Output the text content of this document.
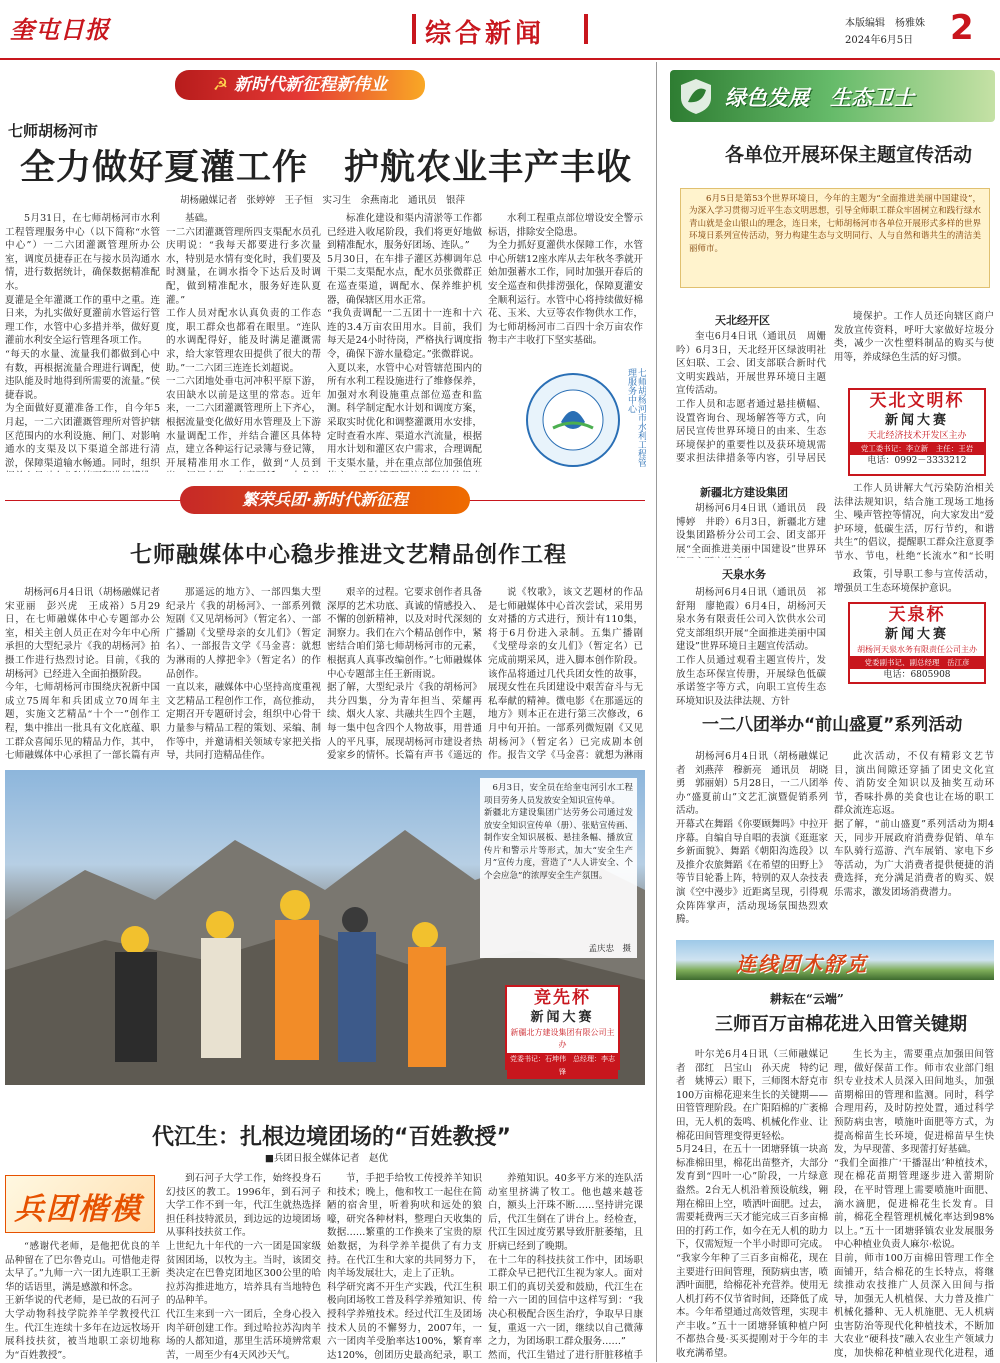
奎屯日报	综合新闻	本版编辑　杨雅姝
2024年6月5日 2
☭ 新时代新征程新伟业
七师胡杨河市
全力做好夏灌工作　护航农业丰产丰收
胡杨融媒记者　张婷婷　王子恒　实习生　余燕南北　通讯员　银萍

5月31日，在七师胡杨河市水利工程管理服务中心（以下简称“水管中心”）一二六团灌溉管理所办公室，调度员捷春正在与接水员沟通水情，进行数据统计，确保数据精准配水。
夏灌是全年灌溉工作的重中之重。连日来，为扎实做好夏灌前水管运行管理工作，水管中心多措并举，做好夏灌前水利安全运行管理各项工作。
“每天的水量、流量我们都做到心中有数，再根据流量合理进行调配，使违队能及时地得到所需要的流量。”侯捷春说。
为全面做好夏灌准备工作，自今年5月起，一二六团灌溉管理所对管护辖区范围内的水利设施、闸门、对影响通水的支渠及以下渠道全部进行清淤，保障渠道输水畅通。同时，组织

基础。
一二六团灌溉管理所四支渠配水员孔庆明说：“我每天都要进行多次量水，特别是水情有变化时，我们要及时测量，在调水指令下达后及时调配，做到精准配水，服务好连队夏灌。”
工作人员对配水认真负责的工作态度，职工群众也都看在眼里。“连队的水调配得好，能及时满足灌溉需求，给大家管理农田提供了很大的帮助。”一二六团三连连长刘超说。
一二六团地处垂屯河冲积平原下游，农田缺水以前是这里的常态。近年来，一二六团灌溉管理所上下齐心，根据流量变化做好用水管理及上下游水量调配工作，并结合灌区具体特点，建立各种运行记录簿与登记簿，开展精准用水工作，做到“人员到

标准化建设和渠内清淤等工作都已经进入收尾阶段，我们将更好地做到精准配水，服务好团场、连队。”
5月30日，在车排子灌区苏柳调年总干渠二支渠配水点，配水员张微群正在巡查渠道，调配水、保养维护机器，确保辖区用水正常。
“我负责调配一二五团十一连和十六连的3.4万亩农田用水。目前，我们每天是24小时待岗，严格执行调度指令，确保下游水量稳定。”张微群说。
入夏以来，水管中心对管辖范围内的所有水利工程设施进行了维修保养，加强对水利设施重点部位巡查和监测。科学制定配水计划和调度方案，采取实时优化和调整灌溉用水安排，定时查看水库、渠道水汽流量，根据用水计划和灌区农户需求，合理调配干支渠水量，并在重点部位加强值班

水利工程重点部位增设安全警示标语，排除安全隐患。
为全力抓好夏灌供水保障工作，水管中心所辖12座水库从去年秋冬季就开始加强蓄水工作，同时加强开春后的安全巡查和供排涝强化，保障夏灌安全顺利运行。水管中心将持续做好棉花、玉米、大豆等农作物供水工作，为七师胡杨河市二百四十余万亩农作物丰产丰收打下坚实基础。

七师胡杨河市水利工程管理服务中心
繁荣兵团·新时代新征程
七师融媒体中心稳步推进文艺精品创作工程

胡杨河6月4日讯（胡杨融媒记者　宋亚丽　彭兴虎　王成裕）5月29日，在七师融媒体中心专题部办公室，相关主创人员正在对今年中心所承担的大型纪录片《我的胡杨河》拍摄工作进行热烈讨论。目前，《我的胡杨河》已经进入全面拍摄阶段。
今年，七师胡杨河市围绕庆祝新中国成立75周年和兵团成立70周年主题，实施文艺精品“十个一”创作工程，集中推出一批具有文化底蕴、职工群众喜闻乐见的精品力作，其中，七师融媒体中心承担了一部长篇有声

那遥远的地方》、一部四集大型纪录片《我的胡杨河》、一部系列微短剧《又见胡杨河》（暂定名）、一部广播剧《戈壁母亲的女儿们》（暂定名）、一部报告文学《马金喜：就想为淋雨的人撑把伞》（暂定名）的作品创作。
一直以来，融媒体中心坚持高度重视文艺精品工程创作工作，高位推动，定期召开专题研讨会，组织中心骨干力量参与精品工程的策划、采编、制作等中，并邀请相关领域专家把关指导，共同打造精品佳作。

艰辛的过程。它要求创作者具备深厚的艺术功底、真诚的情感投入、不懈的创新精神，以及对时代深刻的洞察力。我们在六个精品创作中，紧密结合咱们第七师胡杨河市的元素，根据真人真事改编创作。”七师融媒体中心专题部主任王新雨说。
据了解，大型纪录片《我的胡杨河》共分四集，分为青年担当、荣耀再续、烟火人家、共融共生四个主题，每一集中包含四个人物故事，用普通人的平凡事，展现胡杨河市建设者热爱家乡的情怀。长篇有声书《遥远的

说《牧歌》，该文艺题材的作品是七师融媒体中心首次尝试，采用男女对播的方式进行，预计有110集，将于6月份进入录制。五集广播剧《戈壁母亲的女儿们》（暂定名）已完成前期采风，进入脚本创作阶段。该作品将通过几代兵团女性的故事，展现女性在兵团建设中艰苦奋斗与无私奉献的精神。微电影《在那遥远的地方》则本正在进行第三次修改，6月中旬开拍。一部系列微短剧《又见胡杨河》（暂定名）已完成剧本创作。报告文学《马金喜：就想为淋雨

6月3日，安全员在给奎屯河引水工程项目劳务人员发放安全知识宣传单。
新疆北方建设集团广达劳务公司通过发放安全知识宣传单（册）、张贴宣传画、制作安全知识展板、悬挂条幅、播放宣传片和警示片等形式，加大“安全生产月”宣传力度，营造了“人人讲安全、个个会应急”的浓厚安全生产氛围。
孟庆忠　摄
竞先杯
新闻大赛
新疆北方建设集团有限公司主办
党委书记：石坤伟　总经理：李志锋
代江生：扎根边境团场的“百姓教授”
■兵团日报全媒体记者　赵优
兵团楷模

“感谢代老师，是他把优良的羊品种留在了巴尔鲁克山。可惜他走得太早了。”九师一六一团九连职工王新华的话语里，满是感激和怀念。
王新华说的代老师，是已故的石河子大学动物科技学院养羊学教授代江生。代江生连续十多年在边远牧场开展科技扶贫，被当地职工亲切地称为“百姓教授”。

到石河子大学工作，始终投身石幻技区的教工。1996年，到石河子大学工作不到一年，代江生就热选择担任科技特派员，到边远的边境团场从事科技扶贫工作。
上世纪九十年代的一六一团是国家级贫困团场，以牧为主。当时，该团交类决定在巴鲁克团地区300公里的哈拉苏沟推进地方，培养具有当地特色的品种羊。
代江生来到一六一团后，全身心投入肉羊研创建工作。到过哈拉苏沟肉羊场的人都知道，那里生活环境辨常艰苦，一周至少有4天风沙天气。

节，手把手给牧工传授养羊知识和技术；晚上，他和牧工一起住在简陋的宿舍里，听着狗吠和远处的狼嚎，研究各种材料，整理白天收集的数据……繁重的工作换来了宝贵的原始数据，为科学养羊提供了有力支持。在代江生和大家的共同努力下，肉羊场发展壮大，走上了正轨。
科学研究离不开生产实践，代江生积极向团场牧工普及科学养殖知识、传授科学养殖技术。经过代江生及团场技术人员的不懈努力，2007年，一六一团肉羊受胎率达100%，繁育率达120%，创团历史最高纪录，职工

养殖知识。40多平方米的连队活动室里挤满了牧工。他也越来越苍白，额头上汗珠不断……坚持讲完课后，代江生倒在了讲台上。经检查，代江生因过度劳累导致肝脏萎缩，且肝病已经到了晚期。
在十二年的科技扶贫工作中，团场职工群众早已把代江生视为家人。面对职工们的真切关爱和鼓励，代江生在给一六一团的回信中这样写到：“我决心积极配合医生治疗，争取早日康复，重返一六一团，继续以自己微薄之力，为团场职工群众服务……”
然而，代江生错过了进行肝脏移植手

绿色发展　生态卫士
各单位开展环保主题宣传活动
6月5日是第53个世界环境日，今年的主题为“全面推进美丽中国建设”，为深入学习贯彻习近平生态文明思想，引导全师职工群众牢固树立和践行绿水青山就是金山银山的理念，连日来，七师胡杨河市各单位开展形式多样的世界环境日系列宣传活动，努力构建生态与文明同行、人与自然和谐共生的清洁美丽师市。
天北经开区

奎屯6月4日讯（通讯员　周姗吟）6月3日，天北经开区绿波明社区妇联、工会、团支部联合新时代文明实践站，开展世界环境日主题宣传活动。
工作人员和志愿者通过悬挂横幅、设置咨询台、现场解答等方式，向居民宣传世界环境日的由来、生态环境保护的重要性以及获环境规需要求担法律措条等内容，引导居民

境保护。工作人员还向辖区商户发放宣传资料，呼吁大家做好垃圾分类，减少一次性塑料制品的购买与使用等，养成绿色生活的好习惯。

天北文明杯
新闻大赛
天北经济技术开发区主办
党工委书记：李立新　主任：王岩
电话：0992－3333212
新疆北方建设集团

胡杨河6月4日讯（通讯员　段博婷　井聆）6月3日，新疆北方建设集团路桥分公司工会、团支部开展“全面推进美丽中国建设”世界环

工作人员讲解大气污染防治相关法律法规知识，结合施工现场工地扬尘、噪声管控等情况，向大家发出“爱护环境，低碳生活，厉行节约，和谐共生”的倡议，提醒职工群众注意夏季节水、节电，杜绝“长流水”和“长明

天泉水务

胡杨河6月4日讯（通讯员　祁舒翔　廖艳霞）6月4日，胡杨河天泉水务有限责任公司入饮供水公司党支部组织开展“全面推进美丽中国建设”世界环境日主题宣传活动。
工作人员通过观看主题宣传片，发放生态环保宣传册，开展绿色低碳承诺签字等方式，向职工宣传生态环境知识及法律法规、方针

政策，引导职工参与宣传活动，增强员工生态环境保护意识。

天泉杯
新闻大赛
胡杨河天泉水务有限责任公司主办
党委副书记、副总经理　岳江彦
电话：6805908
一二八团举办“前山盛夏”系列活动

胡杨河6月4日讯（胡杨融媒记者　刘燕萍　穆新亮　通讯员　胡晓勇　郭丽娟）5月28日，一二八团举办“盛夏前山”文艺汇演暨促销系列活动。
开幕式在舞蹈《你要顾舞吗》中拉开序幕。自编自导自唱的表演《逛逛家乡新面貌》、舞蹈《朝阳沟选段》以及推介农旅舞蹈《在希望的田野上》等节目轮番上阵，特别的双人杂技表演《空中漫步》近距离呈现，引得观众阵阵掌声，活动现场氛围热烈欢腾。

此次活动，不仅有精彩文艺节目，演出间隙还穿插了团史文化宣传、消防安全知识以及抽奖互动环节，香味扑鼻的美食也让在场的职工群众流连忘返。
据了解，“前山盛夏”系列活动为期4天，同步开展政府消费券促销、单车车队骑行巡游、汽车展销、家电下乡等活动，为广大消费者提供便捷的消费选择，充分满足消费者的购买、娱乐需求，激发团场消费潜力。

连线团木舒克
耕耘在“云端”
三师百万亩棉花进入田管关键期

叶尔羌6月4日讯（三师融媒记者　邵红　吕宝山　孙天虎　特约记者　姚博云）眼下，三师图木舒克市100万亩棉花迎来生长的关键期——田管管理阶段。在广阳陌棉的广袤棉田，无人机的轰鸣、机械化作业、让棉花田间管理变得更轻松。
5月24日，在五十一团塘驿镇一块高标准棉田里，棉花出苗整齐，大部分发育到“四叶一心”阶段，一片绿意盎然。2台无人机沿着预设航线，翱翔在棉田上空，喷洒叶面肥。过去，需要耗费两三天才能完成三百多亩棉田的打药工作，如今在无人机的助力下，仅需短短一个半小时即可完成。
“我家今年种了三百多亩棉花，现在主要进行田间管理，预防病虫害，喷洒叶面肥，给棉花补充营养。使用无人机打药不仅节省时间，还降低了成本。今年希望通过高效管理，实现丰产丰收。”五十一团塘驿镇种植户阿不都热合曼·买买提刚对于今年的丰收充满希望。

生长为主，需要重点加强田间管理，做好保苗工作。师市农业部门组织专业技术人员深入田间地头，加强苗期棉田的管理和监测。同时，科学合理用药，及时防控处置，通过科学预防病虫害，喷施叶面肥等方式，为提高棉苗生长环境，促进棉苗早生快发，为早现蕾、多现蕾打好基础。
“我们全面推广‘干播湿出’种植技术，现在棉花苗期管理逐步进入蕾期阶段，在平时管理上需要喷施叶面肥、滴水滴肥，促进棉花生长发育。目前，棉花全程管理机械化率达到98%以上。”五十一团塘驿镇农业发展服务中心种植业负责人麻尔·松说。
目前，师市100万亩棉田管理工作全面铺开，结合棉花的生长特点，将继续推动农技推广人员深入田间与指导，加强无人机植保、大力普及推广机械化播种、无人机施肥、无人机病虫害防治等现代化种植技术，不断加大农业“硬科技”融入农业生产领域力度，加快棉花种植业现代化进程，通
